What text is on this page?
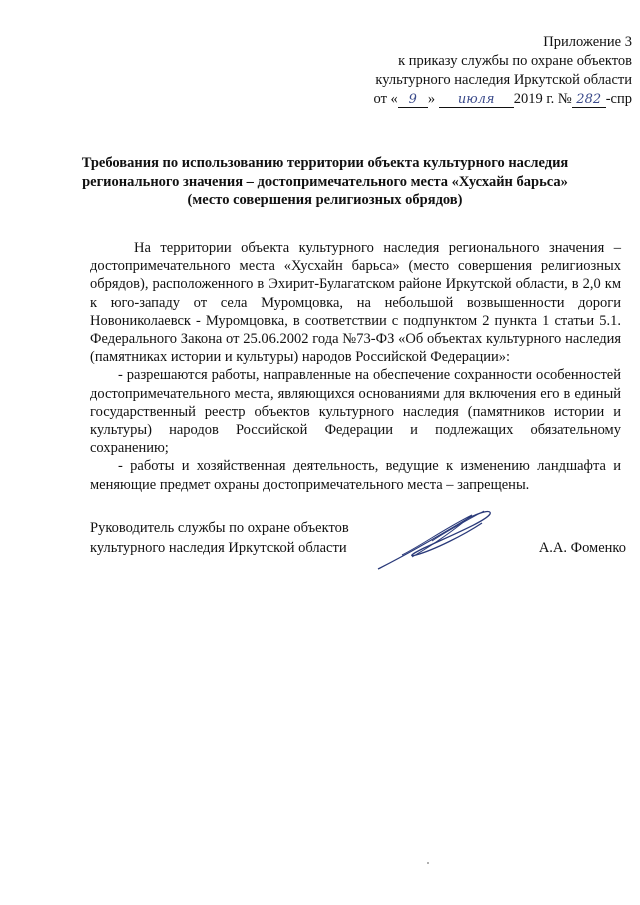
Приложение 3
к приказу службы по охране объектов
культурного наследия Иркутской области
от « 9 » июля 2019 г. № 282 -спр
Требования по использованию территории объекта культурного наследия
регионального значения – достопримечательного места «Хусхайн барьса»
(место совершения религиозных обрядов)

На территории объекта культурного наследия регионального значения – достопримечательного места «Хусхайн барьса» (место совершения религиозных обрядов), расположенного в Эхирит-Булагатском районе Иркутской области, в 2,0 км к юго-западу от села Муромцовка, на небольшой возвышенности дороги Новониколаевск - Муромцовка, в соответствии с подпунктом 2 пункта 1 статьи 5.1. Федерального Закона от 25.06.2002 года №73-ФЗ «Об объектах культурного наследия (памятниках истории и культуры) народов Российской Федерации»:

- разрешаются работы, направленные на обеспечение сохранности особенностей достопримечательного места, являющихся основаниями для включения его в единый государственный реестр объектов культурного наследия (памятников истории и культуры) народов Российской Федерации и подлежащих обязательному сохранению;

- работы и хозяйственная деятельность, ведущие к изменению ландшафта и меняющие предмет охраны достопримечательного места – запрещены.

Руководитель службы по охране объектов
культурного наследия Иркутской области	А.А. Фоменко
